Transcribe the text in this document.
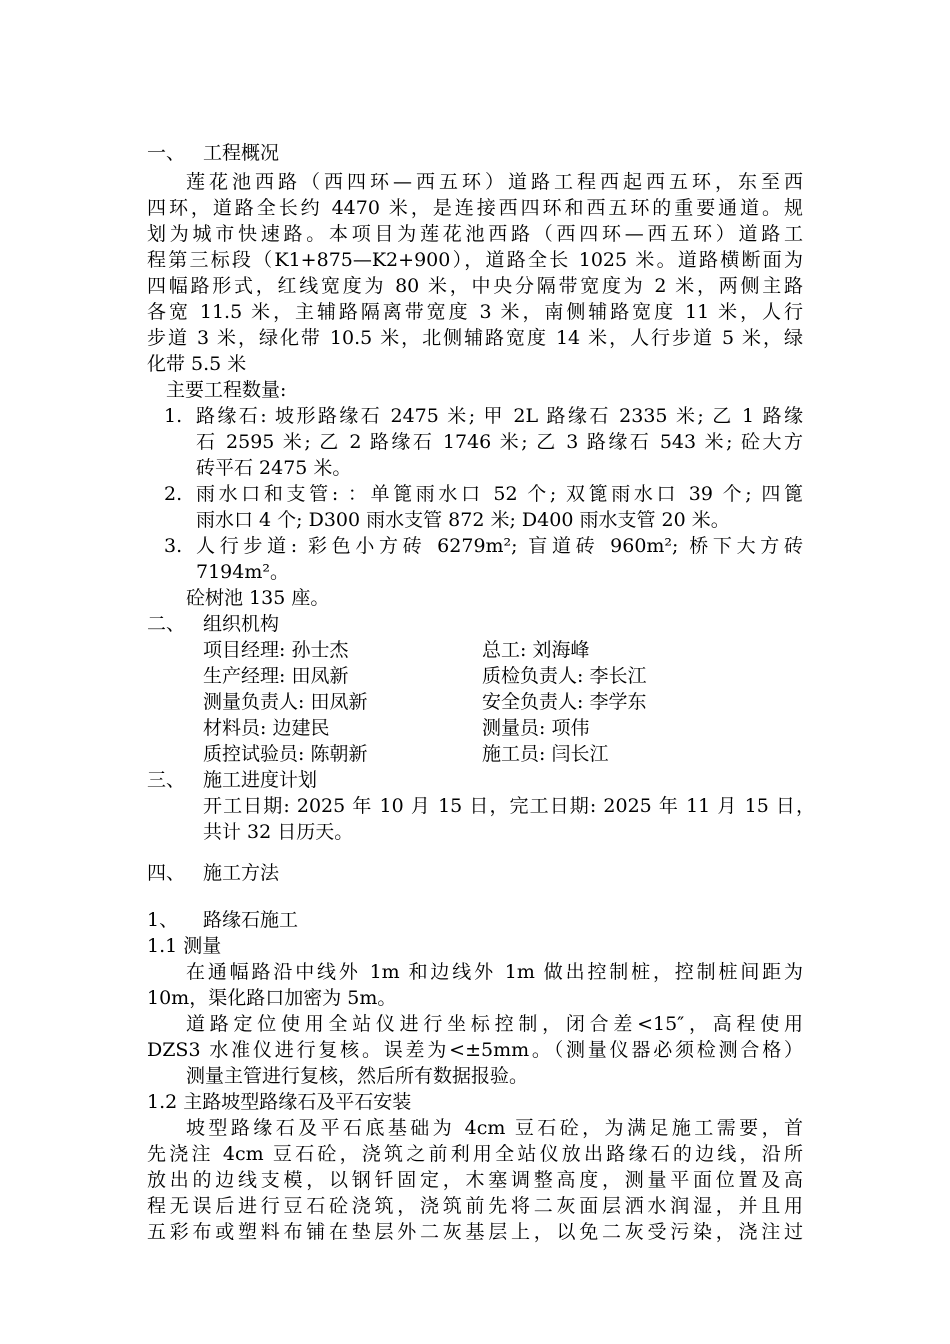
一、 工程概况
莲花池西路（西四环—西五环）道路工程西起西五环，东至西
四环，道路全长约 4470 米，是连接西四环和西五环的重要通道。规
划为城市快速路。本项目为莲花池西路（西四环—西五环）道路工
程第三标段（K1+875—K2+900），道路全长 1025 米。道路横断面为
四幅路形式，红线宽度为 80 米，中央分隔带宽度为 2 米，两侧主路
各宽 11.5 米，主辅路隔离带宽度 3 米，南侧辅路宽度 11 米，人行
步道 3 米，绿化带 10.5 米，北侧辅路宽度 14 米，人行步道 5 米，绿
化带 5.5 米
主要工程数量:
1. 路缘石: 坡形路缘石 2475 米; 甲 2L 路缘石 2335 米; 乙 1 路缘
石 2595 米; 乙 2 路缘石 1746 米; 乙 3 路缘石 543 米; 砼大方
砖平石 2475 米。
2. 雨水口和支管: ：单篦雨水口 52 个; 双篦雨水口 39 个; 四篦
雨水口 4 个; D300 雨水支管 872 米; D400 雨水支管 20 米。
3. 人行步道: 彩色小方砖 6279m²; 盲道砖 960m²; 桥下大方砖
7194m²。
砼树池 135 座。
二、 组织机构
项目经理: 孙士杰	总工: 刘海峰
生产经理: 田凤新	质检负责人: 李长江
测量负责人: 田凤新	安全负责人: 李学东
材料员: 边建民	测量员: 项伟
质控试验员: 陈朝新	施工员: 闫长江
三、 施工进度计划
开工日期: 2025 年 10 月 15 日，完工日期: 2025 年 11 月 15 日，
共计 32 日历天。
四、 施工方法
1、 路缘石施工
1.1 测量
在通幅路沿中线外 1m 和边线外 1m 做出控制桩，控制桩间距为
10m，渠化路口加密为 5m。
道路定位使用全站仪进行坐标控制，闭合差<15″，高程使用
DZS3 水准仪进行复核。误差为<±5mm。（测量仪器必须检测合格）
测量主管进行复核，然后所有数据报验。
1.2 主路坡型路缘石及平石安装
坡型路缘石及平石底基础为 4cm 豆石砼，为满足施工需要，首
先浇注 4cm 豆石砼，浇筑之前利用全站仪放出路缘石的边线，沿所
放出的边线支模，以钢钎固定，木塞调整高度，测量平面位置及高
程无误后进行豆石砼浇筑，浇筑前先将二灰面层洒水润湿，并且用
五彩布或塑料布铺在垫层外二灰基层上，以免二灰受污染，浇注过
